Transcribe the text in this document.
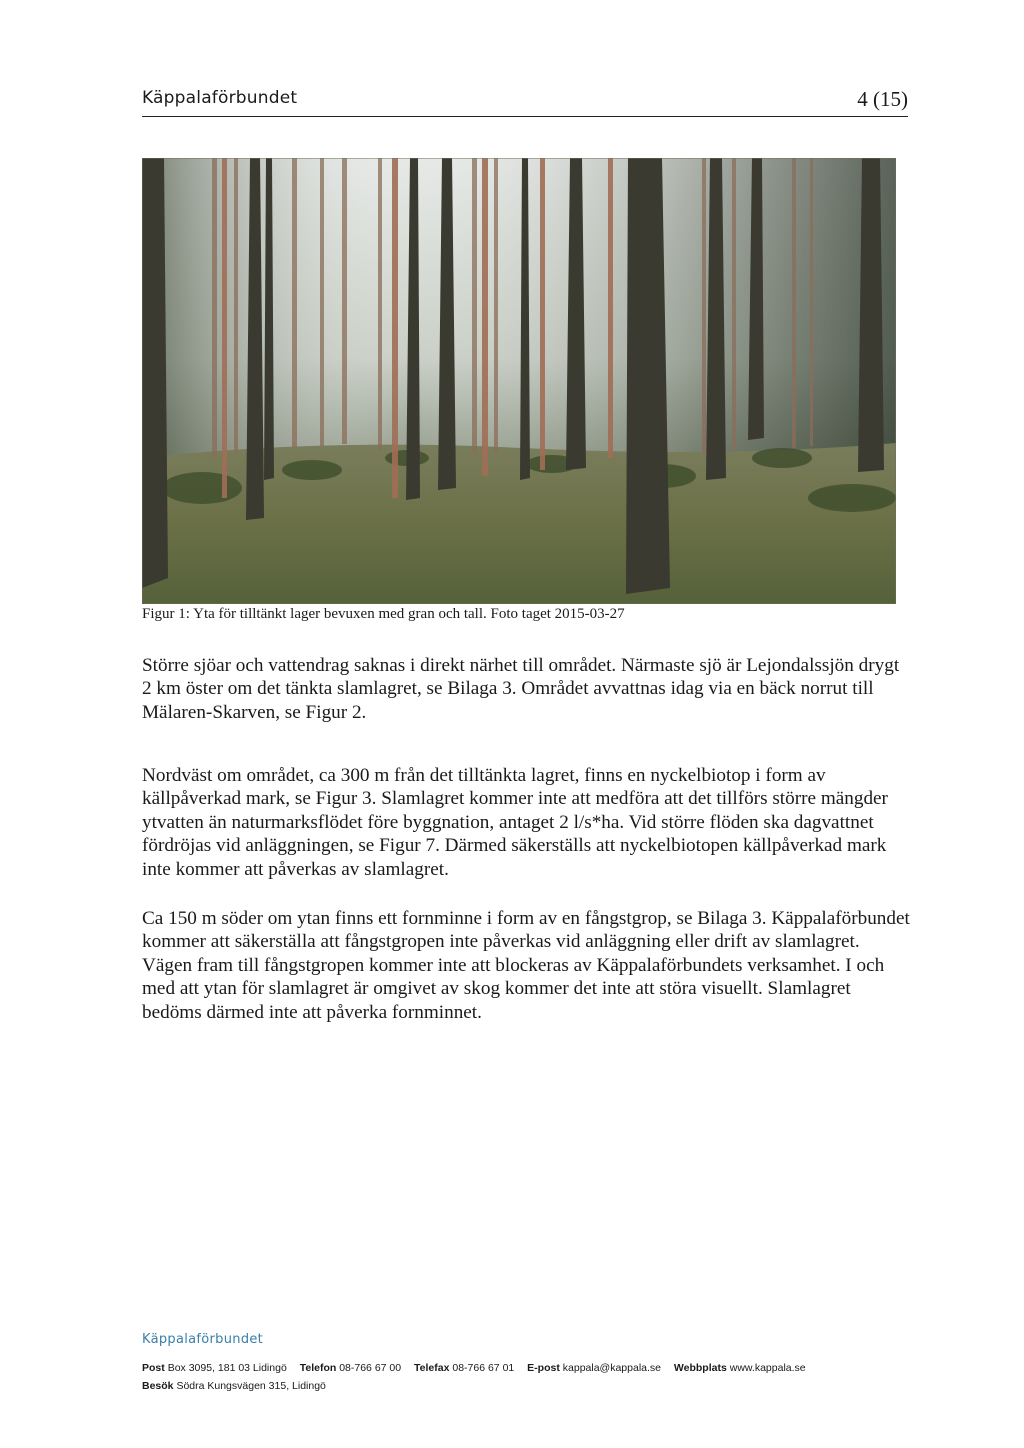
Käppalaförbundet	4 (15)
Figur 1: Yta för tilltänkt lager bevuxen med gran och tall. Foto taget 2015-03-27

Större sjöar och vattendrag saknas i direkt närhet till området. Närmaste sjö är Lejondalssjön drygt 2 km öster om det tänkta slamlagret, se Bilaga 3. Området avvattnas idag via en bäck norrut till Mälaren-Skarven, se Figur 2.

Nordväst om området, ca 300 m från det tilltänkta lagret, finns en nyckelbiotop i form av källpåverkad mark, se Figur 3. Slamlagret kommer inte att medföra att det tillförs större mängder ytvatten än naturmarksflödet före byggnation, antaget 2 l/s*ha. Vid större flöden ska dagvattnet fördröjas vid anläggningen, se Figur 7. Därmed säkerställs att nyckelbiotopen källpåverkad mark inte kommer att påverkas av slamlagret.

Ca 150 m söder om ytan finns ett fornminne i form av en fångstgrop, se Bilaga 3. Käppalaförbundet kommer att säkerställa att fångstgropen inte påverkas vid anläggning eller drift av slamlagret. Vägen fram till fångstgropen kommer inte att blockeras av Käppalaförbundets verksamhet. I och med att ytan för slamlagret är omgivet av skog kommer det inte att störa visuellt. Slamlagret bedöms därmed inte att påverka fornminnet.

Käppalaförbundet
Post Box 3095, 181 03 Lidingö Telefon 08-766 67 00 Telefax 08-766 67 01 E-post kappala@kappala.se Webbplats www.kappala.se
Besök Södra Kungsvägen 315, Lidingö
